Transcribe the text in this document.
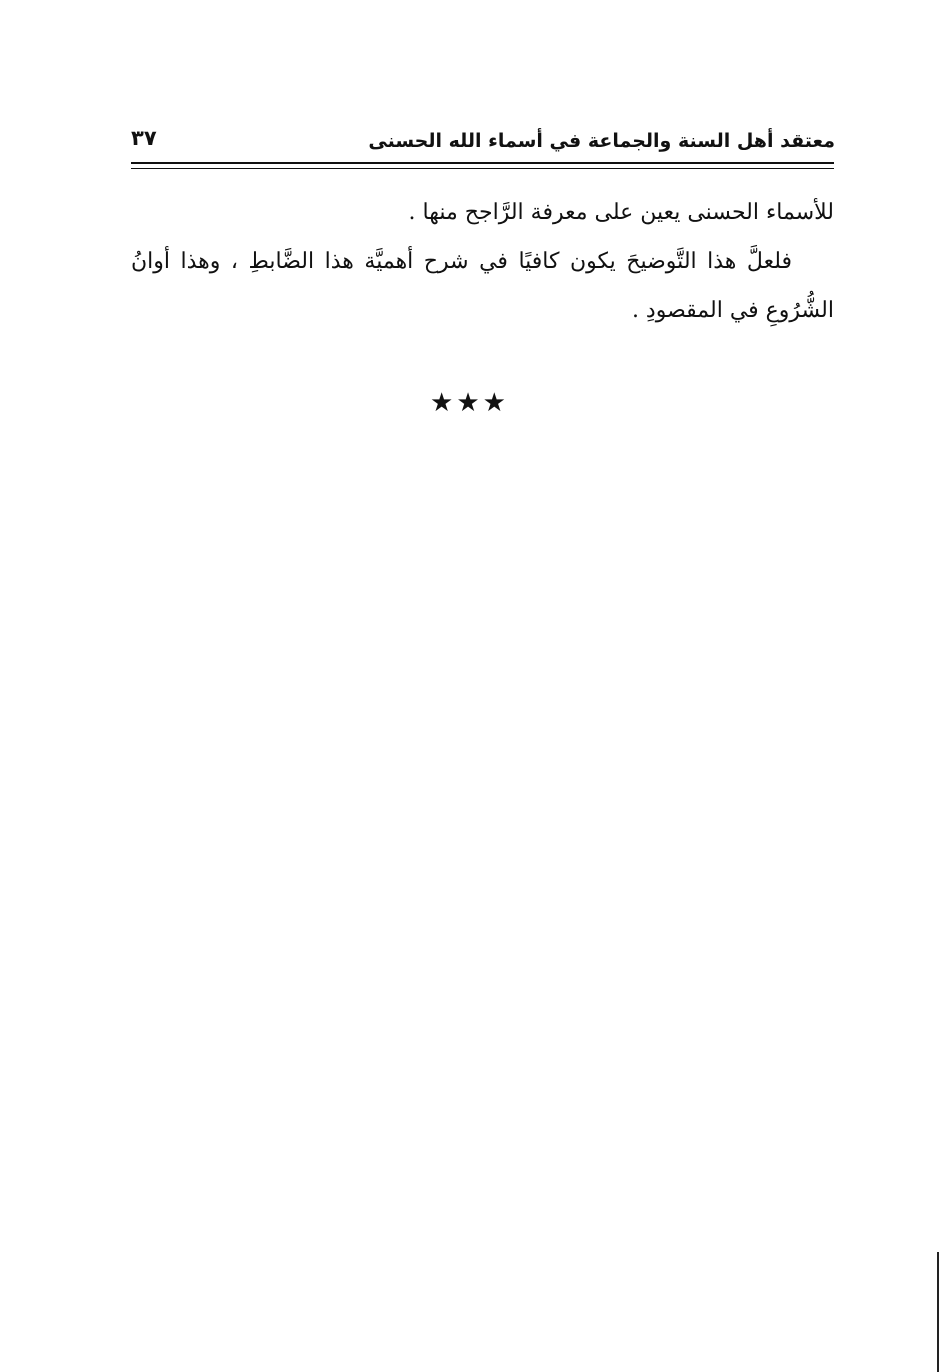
معتقد أهل السنة والجماعة في أسماء الله الحسنى
٣٧

للأسماء الحسنى يعين على معرفة الرَّاجح منها .

فلعلَّ هذا التَّوضيحَ يكون كافيًا في شرح أهميَّة هذا الضَّابطِ ، وهذا أوانُ الشُّرُوعِ في المقصودِ .

★★★
